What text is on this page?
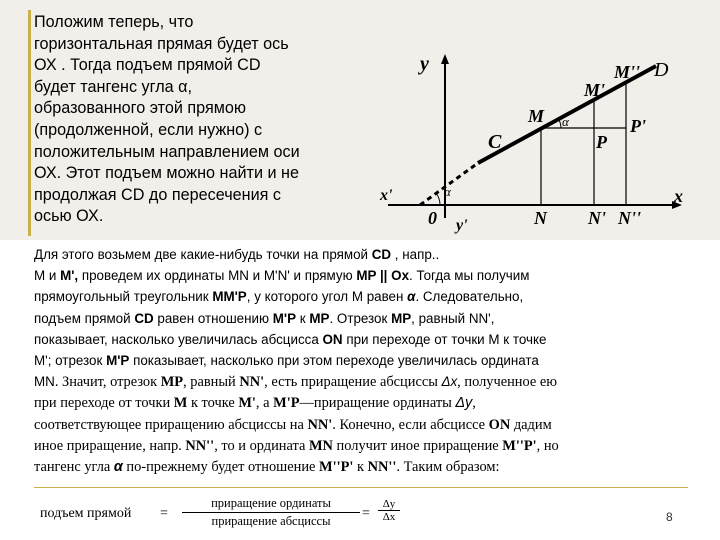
Положим теперь, что
горизонтальная прямая будет ось
ОХ . Тогда подъем прямой CD
будет тангенс угла α,
образованного этой прямою
(продолженной, если нужно) с
положительным направлением оси
ОХ. Этот подъем можно найти и не
продолжая CD до пересечения с
осью ОХ.

y
x
y'
x'
0
C
D
M
M'
M''
P
P'
N N' N''
α
α
Для этого возьмем две какие-нибудь точки на прямой CD , напр..
M и M', проведем их ординаты MN и M'N' и прямую MP || Ox. Тогда мы получим
прямоугольный треугольник MM'P, у которого угол M равен α. Следовательно,
подъем прямой CD равен отношению M'P к MP. Отрезок MP, равный NN',
показывает, насколько увеличилась абсцисса ON при переходе от точки M к точке
M'; отрезок M'P показывает, насколько при этом переходе увеличилась ордината
MN. Значит, отрезок MP, равный NN', есть приращение абсциссы Δx, полученное ею
при переходе от точки M к точке M', а M'P—приращение ординаты Δy,
соответствующее приращению абсциссы на NN'. Конечно, если абсциссе ON дадим
иное приращение, напр. NN'', то и ордината MN получит иное приращение M''P', но
тангенс угла α по-прежнему будет отношение M''P' к NN''. Таким образом:
подъем прямой =
приращение ординаты
приращение абсциссы	= $\frac{\Delta y}{\Delta x}$	8
